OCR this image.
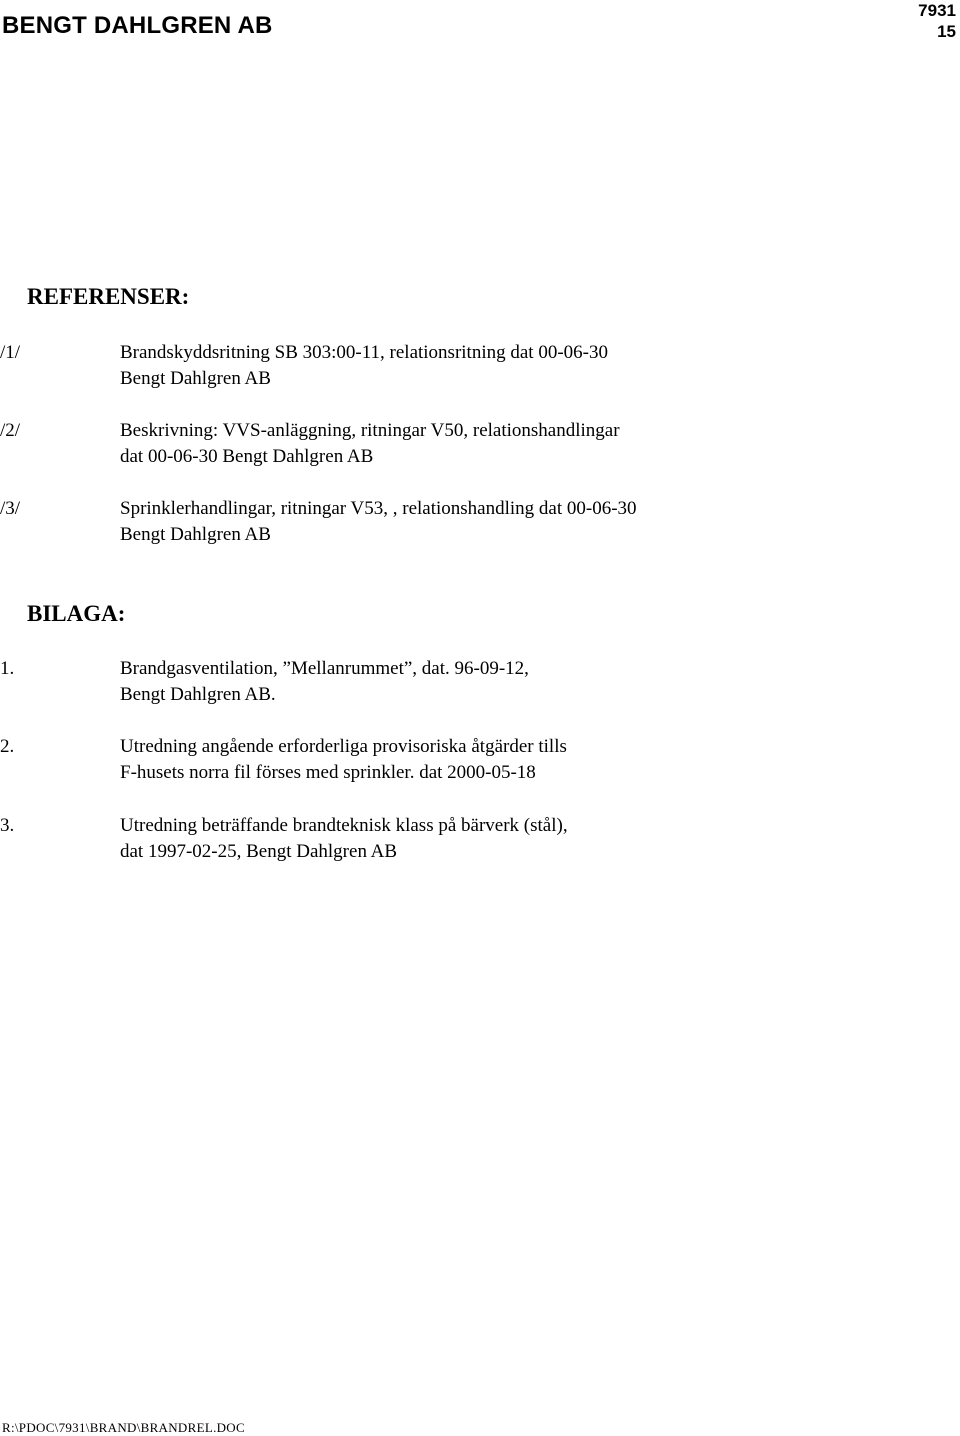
BENGT DAHLGREN AB
7931
15
REFERENSER:
/1/	Brandskyddsritning SB 303:00-11, relationsritning dat 00-06-30
Bengt Dahlgren AB
/2/	Beskrivning: VVS-anläggning, ritningar V50, relationshandlingar
dat 00-06-30 Bengt Dahlgren AB
/3/	Sprinklerhandlingar, ritningar V53, , relationshandling dat 00-06-30
Bengt Dahlgren AB
BILAGA:
1.	Brandgasventilation, ”Mellanrummet”, dat. 96-09-12,
Bengt Dahlgren AB.
2.	Utredning angående erforderliga provisoriska åtgärder tills
F-husets norra fil förses med sprinkler. dat 2000-05-18
3.	Utredning beträffande brandteknisk klass på bärverk (stål),
dat 1997-02-25, Bengt Dahlgren AB
R:\PDOC\7931\BRAND\BRANDREL.DOC
